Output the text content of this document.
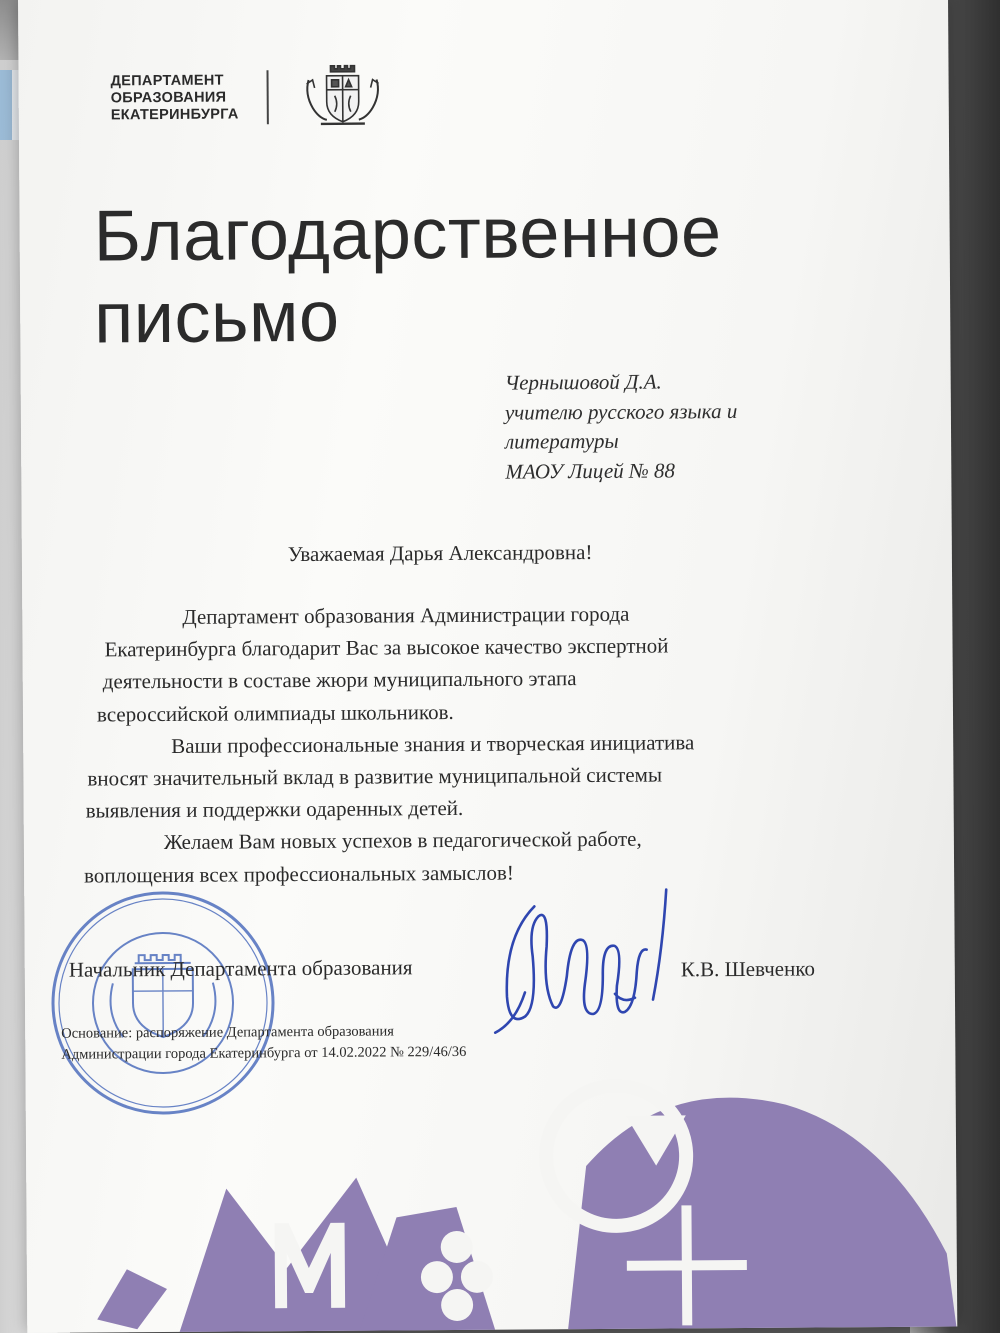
ДЕПАРТАМЕНТ
ОБРАЗОВАНИЯ
ЕКАТЕРИНБУРГА
Благодарственное
письмо
Чернышовой Д.А.
учителю русского языка и
литературы
МАОУ Лицей № 88
Уважаемая Дарья Александровна!
Департамент образования Администрации города
Екатеринбурга благодарит Вас за высокое качество экспертной
деятельности в составе жюри муниципального этапа
всероссийской олимпиады школьников.
Ваши профессиональные знания и творческая инициатива
вносят значительный вклад в развитие муниципальной системы
выявления и поддержки одаренных детей.
Желаем Вам новых успехов в педагогической работе,
воплощения всех профессиональных замыслов!
Начальник Департамента образования	К.В. Шевченко
Основание: распоряжение Департамента образования
Администрации города Екатеринбурга от 14.02.2022 № 229/46/36
